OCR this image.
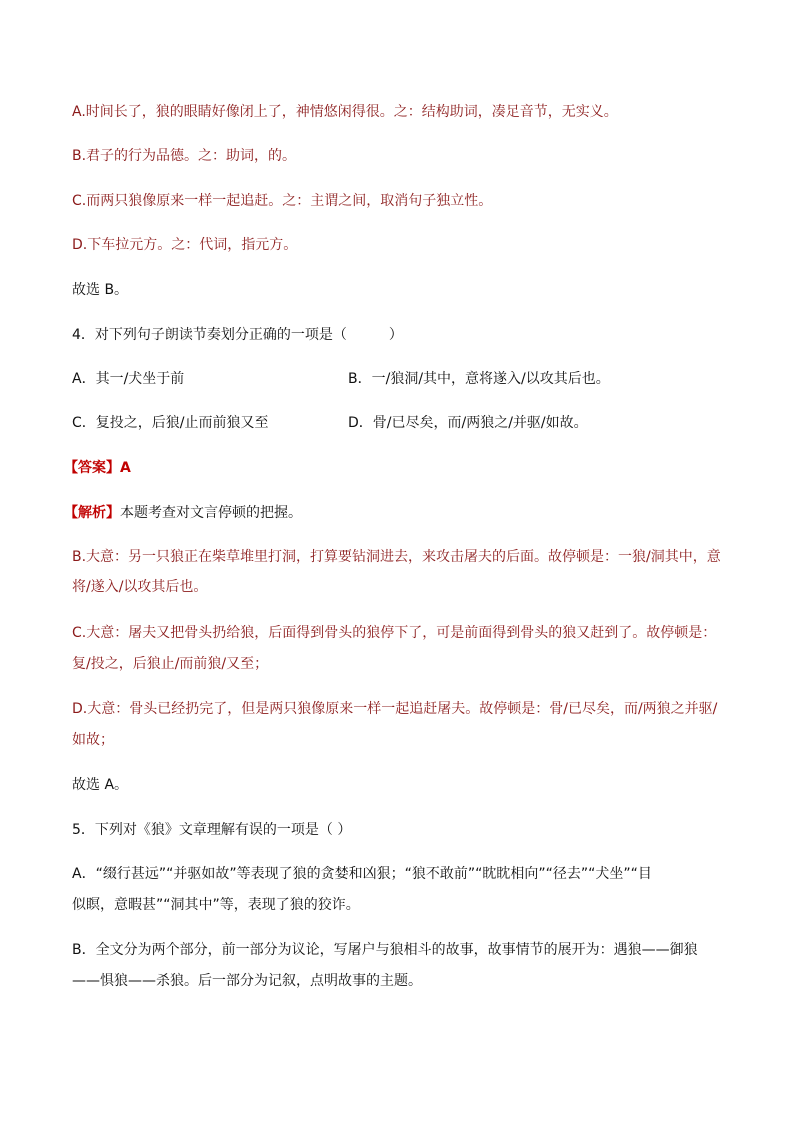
A.时间长了，狼的眼睛好像闭上了，神情悠闲得很。之：结构助词，凑足音节，无实义。
B.君子的行为品德。之：助词，的。
C.而两只狼像原来一样一起追赶。之：主谓之间，取消句子独立性。
D.下车拉元方。之：代词，指元方。
故选 B。
4．对下列句子朗读节奏划分正确的一项是（　　　）
A．其一/犬坐于前	B．一/狼洞/其中，意将遂入/以攻其后也。
C．复投之，后狼/止而前狼又至	D．骨/已尽矣，而/两狼之/并驱/如故。
【答案】A
【解析】本题考查对文言停顿的把握。
B.大意：另一只狼正在柴草堆里打洞，打算要钻洞进去，来攻击屠夫的后面。故停顿是：一狼/洞其中，意
将/遂入/以攻其后也。
C.大意：屠夫又把骨头扔给狼，后面得到骨头的狼停下了，可是前面得到骨头的狼又赶到了。故停顿是：
复/投之，后狼止/而前狼/又至；
D.大意：骨头已经扔完了，但是两只狼像原来一样一起追赶屠夫。故停顿是：骨/已尽矣，而/两狼之并驱/
如故；
故选 A。
5．下列对《狼》文章理解有误的一项是（ ）
A．“缀行甚远”“并驱如故”等表现了狼的贪婪和凶狠；“狼不敢前”“眈眈相向”“径去”“犬坐”“目
似瞑，意暇甚”“洞其中”等，表现了狼的狡诈。
B．全文分为两个部分，前一部分为议论，写屠户与狼相斗的故事，故事情节的展开为：遇狼——御狼
——惧狼——杀狼。后一部分为记叙，点明故事的主题。
